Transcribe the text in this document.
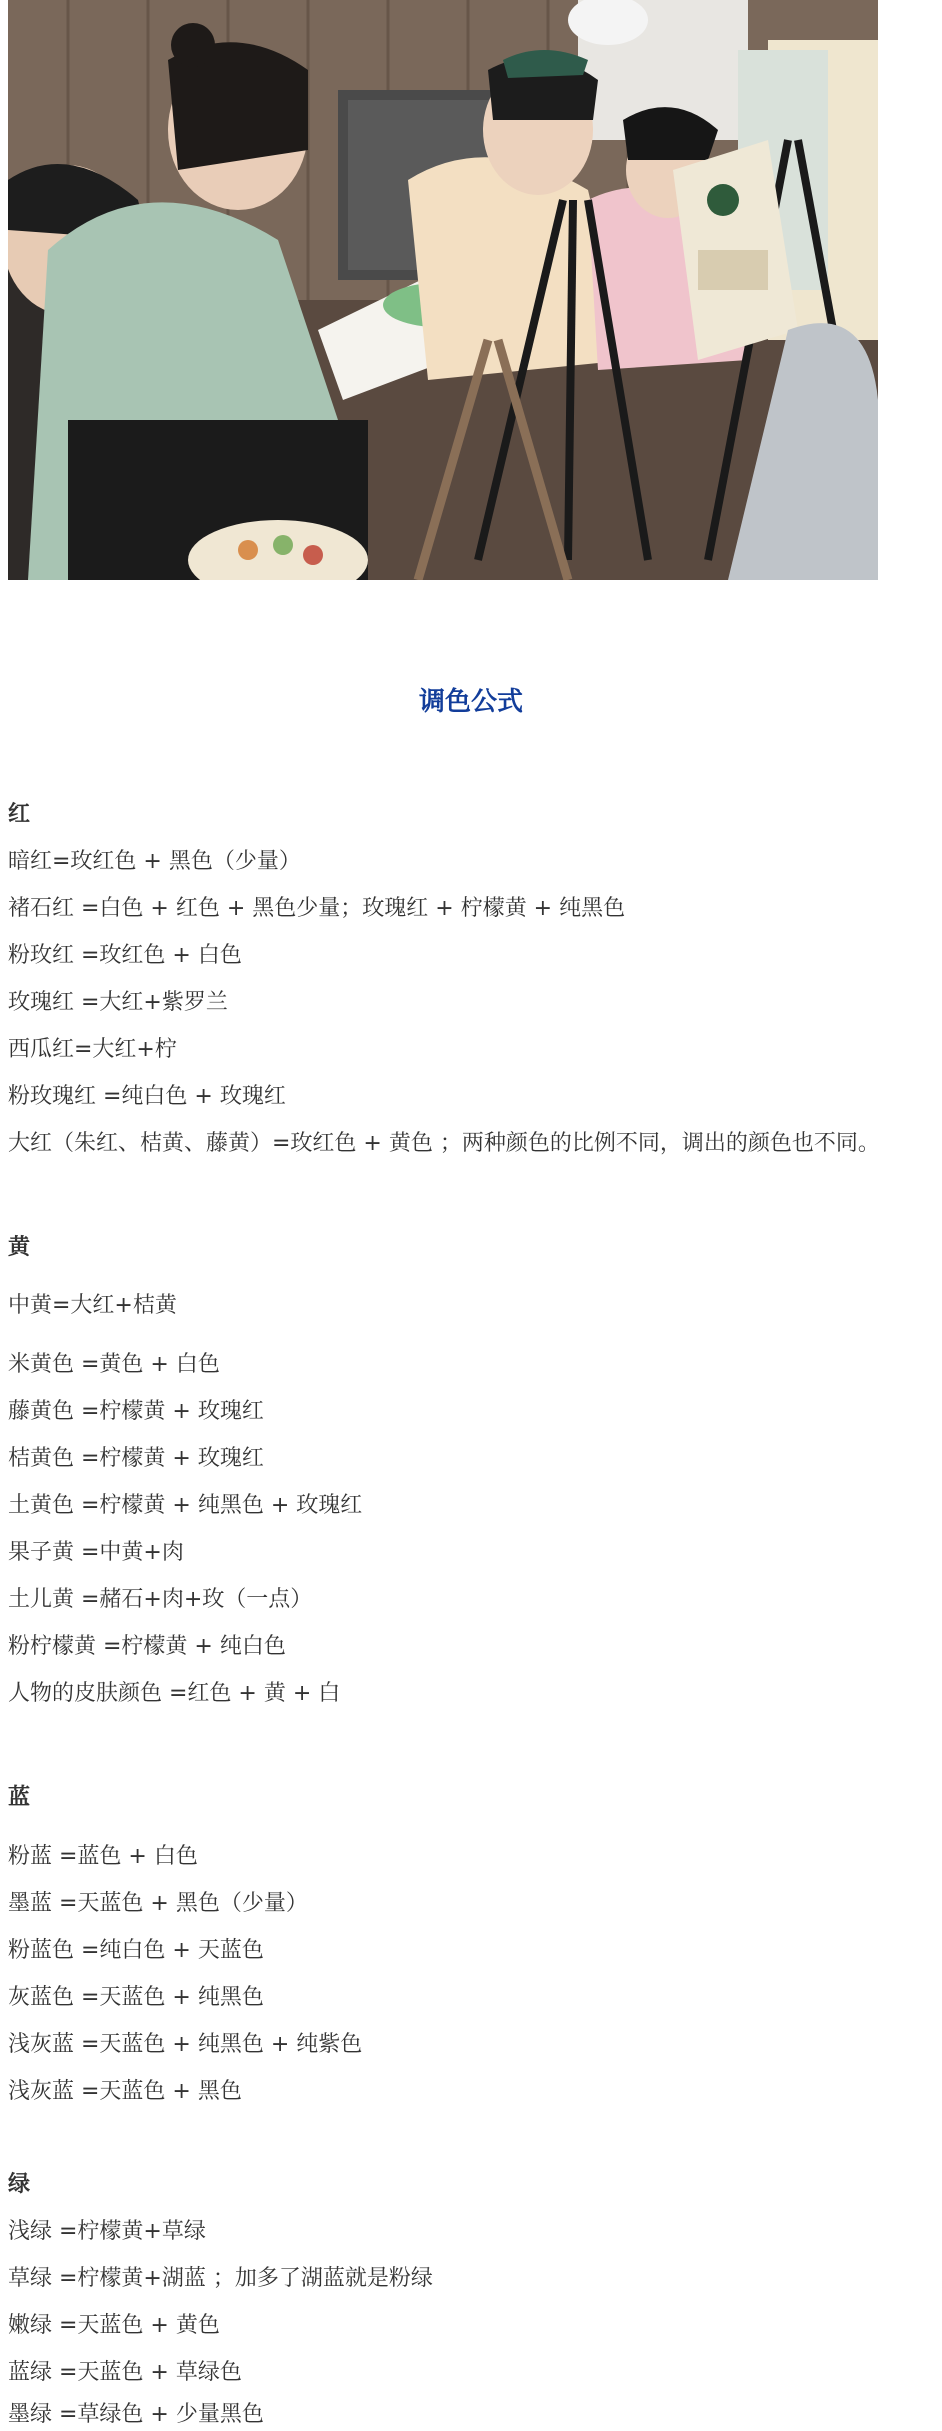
调色公式
红
暗红=玫红色 + 黑色（少量）
褚石红 =白色 + 红色 + 黑色少量；玫瑰红 + 柠檬黄 + 纯黑色
粉玫红 =玫红色 + 白色
玫瑰红 =大红+紫罗兰
西瓜红=大红+柠
粉玫瑰红 =纯白色 + 玫瑰红
大红（朱红、桔黄、藤黄）=玫红色 + 黄色 ；两种颜色的比例不同，调出的颜色也不同。
黄
中黄=大红+桔黄
米黄色 =黄色 + 白色
藤黄色 =柠檬黄 + 玫瑰红
桔黄色 =柠檬黄 + 玫瑰红
土黄色 =柠檬黄 + 纯黑色 + 玫瑰红
果子黄 =中黄+肉
土儿黄 =赭石+肉+玫（一点）
粉柠檬黄 =柠檬黄 + 纯白色
人物的皮肤颜色 =红色 + 黄 + 白
蓝
粉蓝 =蓝色 + 白色
墨蓝 =天蓝色 + 黑色（少量）
粉蓝色 =纯白色 + 天蓝色
灰蓝色 =天蓝色 + 纯黑色
浅灰蓝 =天蓝色 + 纯黑色 + 纯紫色
浅灰蓝 =天蓝色 + 黑色
绿
浅绿 =柠檬黄+草绿
草绿 =柠檬黄+湖蓝 ；加多了湖蓝就是粉绿
嫩绿 =天蓝色 + 黄色
蓝绿 =天蓝色 + 草绿色
墨绿 =草绿色 + 少量黑色
